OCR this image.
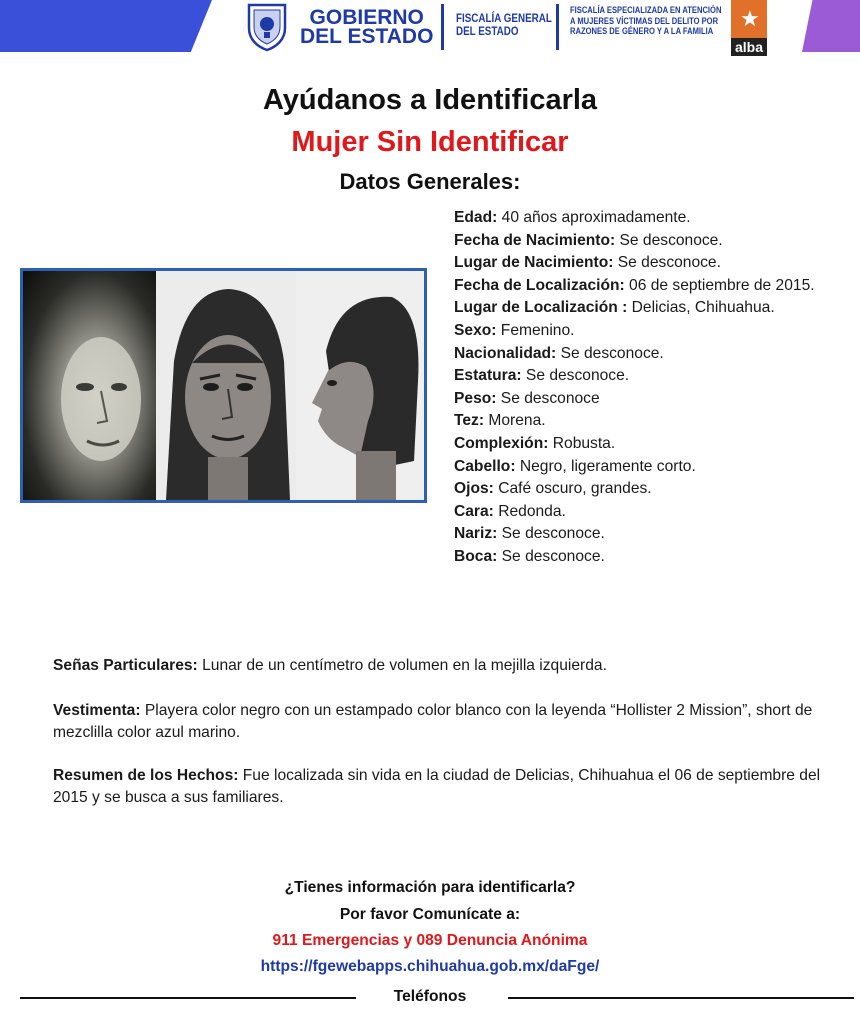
GOBIERNO
DEL ESTADO
FISCALÍA GENERAL
DEL ESTADO
FISCALÍA ESPECIALIZADA EN ATENCIÓN
A MUJERES VÍCTIMAS DEL DELITO POR
RAZONES DE GÉNERO Y A LA FAMILIA
★
alba
Ayúdanos a Identificarla
Mujer Sin Identificar
Datos Generales:
Edad: 40 años aproximadamente.
Fecha de Nacimiento: Se desconoce.
Lugar de Nacimiento: Se desconoce.
Fecha de Localización: 06 de septiembre de 2015.
Lugar de Localización : Delicias, Chihuahua.
Sexo: Femenino.
Nacionalidad: Se desconoce.
Estatura: Se desconoce.
Peso: Se desconoce
Tez: Morena.
Complexión: Robusta.
Cabello: Negro, ligeramente corto.
Ojos: Café oscuro, grandes.
Cara: Redonda.
Nariz: Se desconoce.
Boca: Se desconoce.
Señas Particulares: Lunar de un centímetro de volumen en la mejilla izquierda.
Vestimenta: Playera color negro con un estampado color blanco con la leyenda “Hollister 2 Mission”, short de mezclilla color azul marino.
Resumen de los Hechos: Fue localizada sin vida en la ciudad de Delicias, Chihuahua el 06 de septiembre del 2015 y se busca a sus familiares.
¿Tienes información para identificarla?
Por favor Comunícate a:
911 Emergencias y 089 Denuncia Anónima
https://fgewebapps.chihuahua.gob.mx/daFge/
Teléfonos
